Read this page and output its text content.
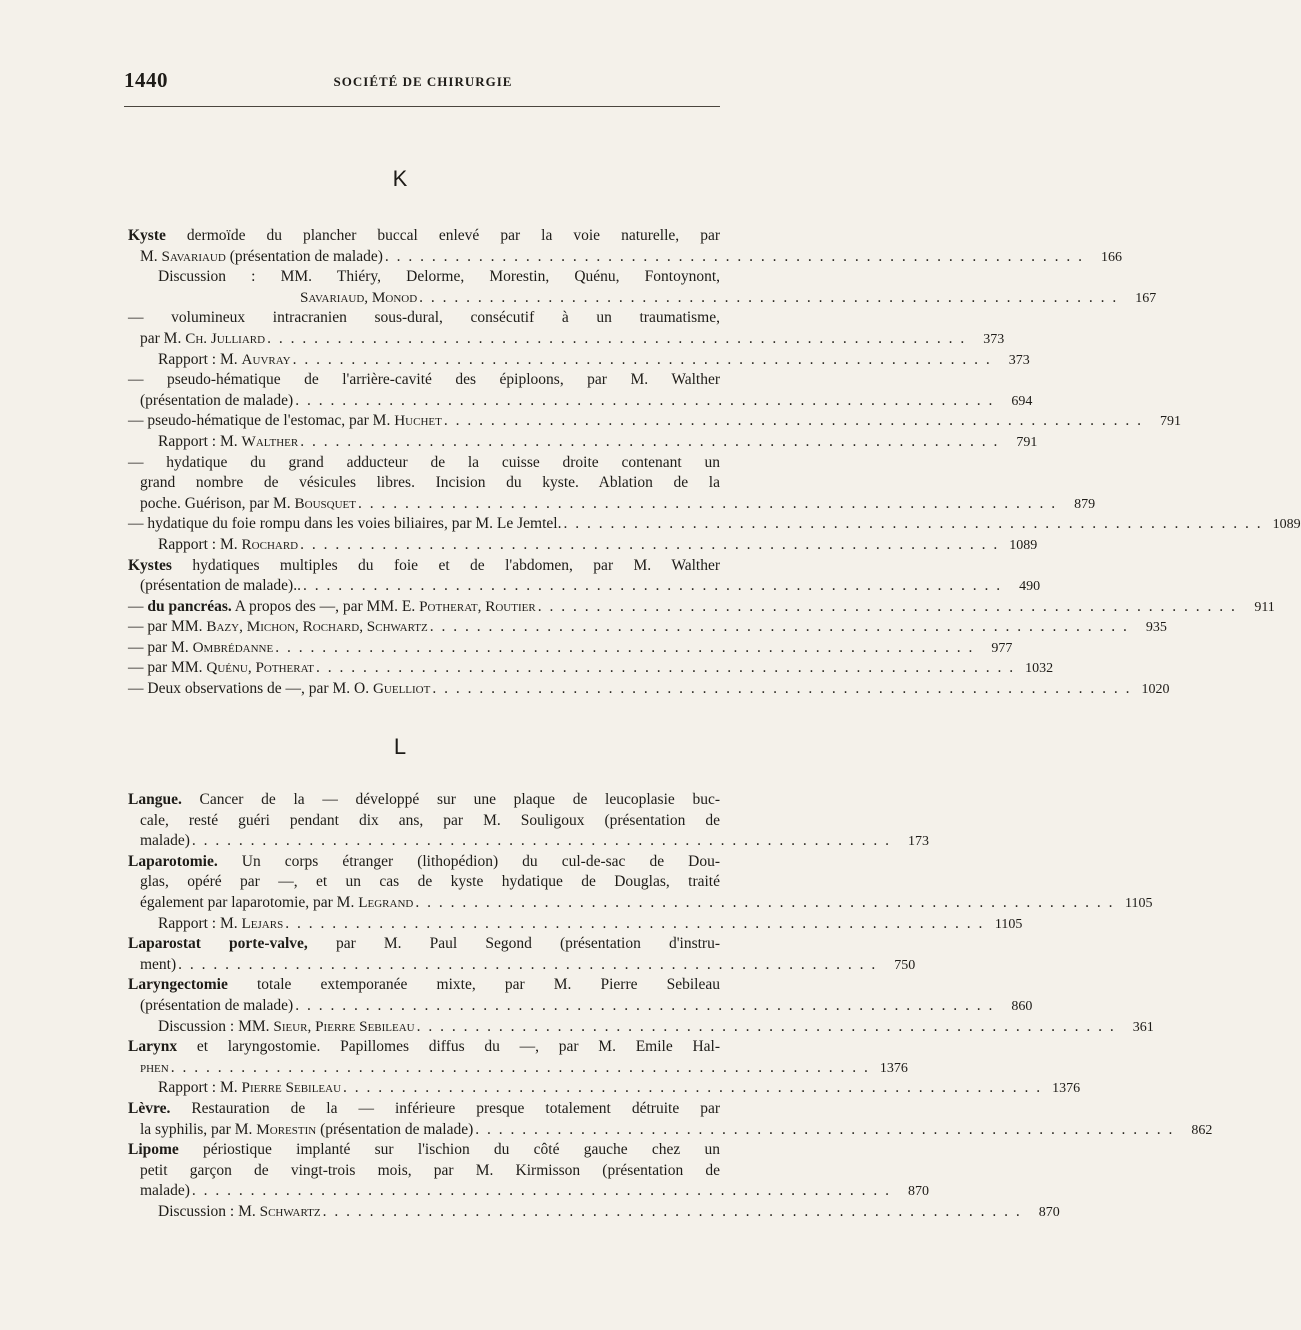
1440	SOCIÉTÉ DE CHIRURGIE
K
Kyste dermoïde du plancher buccal enlevé par la voie naturelle, par
M. Savariaud (présentation de malade) . . . . . . . . . . . . . . . . . . . . . . . . . . . . . . . . . . . . . . . . . . . . . . . . . . . . . . . . . . . .	166
Discussion : MM. Thiéry, Delorme, Morestin, Quénu, Fontoynont,
Savariaud, Monod . . . . . . . . . . . . . . . . . . . . . . . . . . . . . . . . . . . . . . . . . . . . . . . . . . . . . . . . . . . .	167
— volumineux intracranien sous-dural, consécutif à un traumatisme,
par M. Ch. Julliard . . . . . . . . . . . . . . . . . . . . . . . . . . . . . . . . . . . . . . . . . . . . . . . . . . . . . . . . . . . .	373
Rapport : M. Auvray . . . . . . . . . . . . . . . . . . . . . . . . . . . . . . . . . . . . . . . . . . . . . . . . . . . . . . . . . . . .	373
— pseudo-hématique de l'arrière-cavité des épiploons, par M. Walther
(présentation de malade) . . . . . . . . . . . . . . . . . . . . . . . . . . . . . . . . . . . . . . . . . . . . . . . . . . . . . . . . . . . .	694
— pseudo-hématique de l'estomac, par M. Huchet . . . . . . . . . . . . . . . . . . . . . . . . . . . . . . . . . . . . . . . . . . . . . . . . . . . . . . . . . . . .	791
Rapport : M. Walther . . . . . . . . . . . . . . . . . . . . . . . . . . . . . . . . . . . . . . . . . . . . . . . . . . . . . . . . . . . .	791
— hydatique du grand adducteur de la cuisse droite contenant un
grand nombre de vésicules libres. Incision du kyste. Ablation de la
poche. Guérison, par M. Bousquet . . . . . . . . . . . . . . . . . . . . . . . . . . . . . . . . . . . . . . . . . . . . . . . . . . . . . . . . . . . .	879
— hydatique du foie rompu dans les voies biliaires, par M. Le Jemtel. . . . . . . . . . . . . . . . . . . . . . . . . . . . . . . . . . . . . . . . . . . . . . . . . . . . . . . . . . . . . 1089
Rapport : M. Rochard . . . . . . . . . . . . . . . . . . . . . . . . . . . . . . . . . . . . . . . . . . . . . . . . . . . . . . . . . . . . 1089
Kystes hydatiques multiples du foie et de l'abdomen, par M. Walther
(présentation de malade).. . . . . . . . . . . . . . . . . . . . . . . . . . . . . . . . . . . . . . . . . . . . . . . . . . . . . . . . . . . . .	490
— du pancréas. A propos des —, par MM. E. Potherat, Routier . . . . . . . . . . . . . . . . . . . . . . . . . . . . . . . . . . . . . . . . . . . . . . . . . . . . . . . . . . . .	911
— par MM. Bazy, Michon, Rochard, Schwartz . . . . . . . . . . . . . . . . . . . . . . . . . . . . . . . . . . . . . . . . . . . . . . . . . . . . . . . . . . . .	935
— par M. Ombrédanne . . . . . . . . . . . . . . . . . . . . . . . . . . . . . . . . . . . . . . . . . . . . . . . . . . . . . . . . . . . .	977
— par MM. Quénu, Potherat . . . . . . . . . . . . . . . . . . . . . . . . . . . . . . . . . . . . . . . . . . . . . . . . . . . . . . . . . . . . 1032
— Deux observations de —, par M. O. Guelliot . . . . . . . . . . . . . . . . . . . . . . . . . . . . . . . . . . . . . . . . . . . . . . . . . . . . . . . . . . . . 1020
L
Langue. Cancer de la — développé sur une plaque de leucoplasie buc-
cale, resté guéri pendant dix ans, par M. Souligoux (présentation de
malade) . . . . . . . . . . . . . . . . . . . . . . . . . . . . . . . . . . . . . . . . . . . . . . . . . . . . . . . . . . . .	173
Laparotomie. Un corps étranger (lithopédion) du cul-de-sac de Dou-
glas, opéré par —, et un cas de kyste hydatique de Douglas, traité
également par laparotomie, par M. Legrand . . . . . . . . . . . . . . . . . . . . . . . . . . . . . . . . . . . . . . . . . . . . . . . . . . . . . . . . . . . . 1105
Rapport : M. Lejars . . . . . . . . . . . . . . . . . . . . . . . . . . . . . . . . . . . . . . . . . . . . . . . . . . . . . . . . . . . . 1105
Laparostat porte-valve, par M. Paul Segond (présentation d'instru-
ment) . . . . . . . . . . . . . . . . . . . . . . . . . . . . . . . . . . . . . . . . . . . . . . . . . . . . . . . . . . . .	750
Laryngectomie totale extemporanée mixte, par M. Pierre Sebileau
(présentation de malade) . . . . . . . . . . . . . . . . . . . . . . . . . . . . . . . . . . . . . . . . . . . . . . . . . . . . . . . . . . . .	860
Discussion : MM. Sieur, Pierre Sebileau . . . . . . . . . . . . . . . . . . . . . . . . . . . . . . . . . . . . . . . . . . . . . . . . . . . . . . . . . . . .	361
Larynx et laryngostomie. Papillomes diffus du —, par M. Emile Hal-
phen . . . . . . . . . . . . . . . . . . . . . . . . . . . . . . . . . . . . . . . . . . . . . . . . . . . . . . . . . . . . 1376
Rapport : M. Pierre Sebileau . . . . . . . . . . . . . . . . . . . . . . . . . . . . . . . . . . . . . . . . . . . . . . . . . . . . . . . . . . . . 1376
Lèvre. Restauration de la — inférieure presque totalement détruite par
la syphilis, par M. Morestin (présentation de malade) . . . . . . . . . . . . . . . . . . . . . . . . . . . . . . . . . . . . . . . . . . . . . . . . . . . . . . . . . . . .	862
Lipome périostique implanté sur l'ischion du côté gauche chez un
petit garçon de vingt-trois mois, par M. Kirmisson (présentation de
malade) . . . . . . . . . . . . . . . . . . . . . . . . . . . . . . . . . . . . . . . . . . . . . . . . . . . . . . . . . . . .	870
Discussion : M. Schwartz . . . . . . . . . . . . . . . . . . . . . . . . . . . . . . . . . . . . . . . . . . . . . . . . . . . . . . . . . . . .	870
